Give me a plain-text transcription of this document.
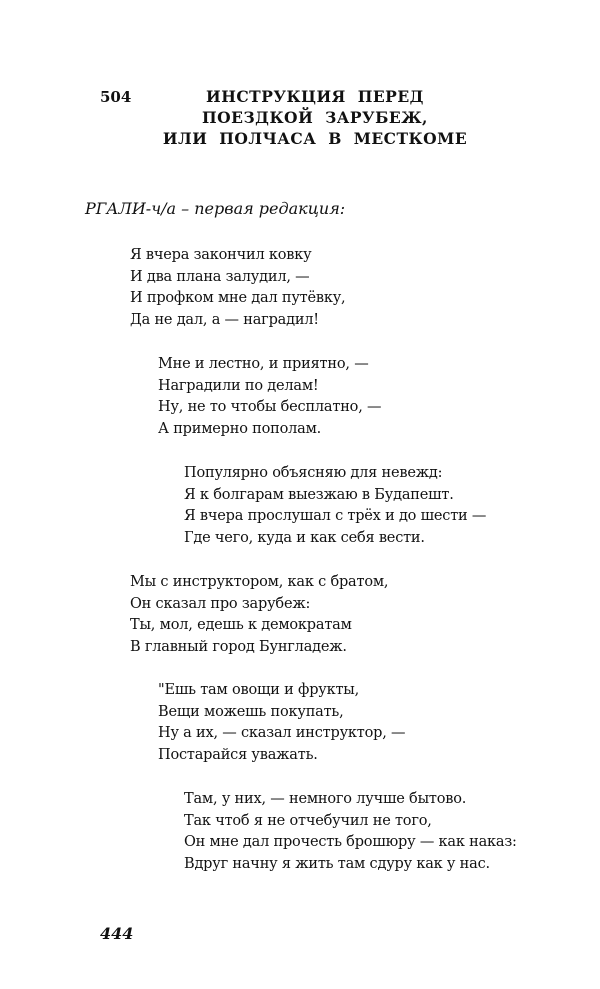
504	ИНСТРУКЦИЯ ПЕРЕД
ПОЕЗДКОЙ ЗАРУБЕЖ,
ИЛИ ПОЛЧАСА В МЕСТКОМЕ
РГАЛИ-ч/а – первая редакция:
Я вчера закончил ковку
И два плана залудил, —
И профком мне дал путёвку,
Да не дал, а — наградил!
Мне и лестно, и приятно, —
Наградили по делам!
Ну, не то чтобы бесплатно, —
А примерно пополам.
Популярно объясняю для невежд:
Я к болгарам выезжаю в Будапешт.
Я вчера прослушал с трёх и до шести —
Где чего, куда и как себя вести.
Мы с инструктором, как с братом,
Он сказал про зарубеж:
Ты, мол, едешь к демократам
В главный город Бунгладеж.
"Ешь там овощи и фрукты,
Вещи можешь покупать,
Ну а их, — сказал инструктор, —
Постарайся уважать.
Там, у них, — немного лучше бытово.
Так чтоб я не отчебучил не того,
Он мне дал прочесть брошюру — как наказ:
Вдруг начну я жить там сдуру как у нас.
444
